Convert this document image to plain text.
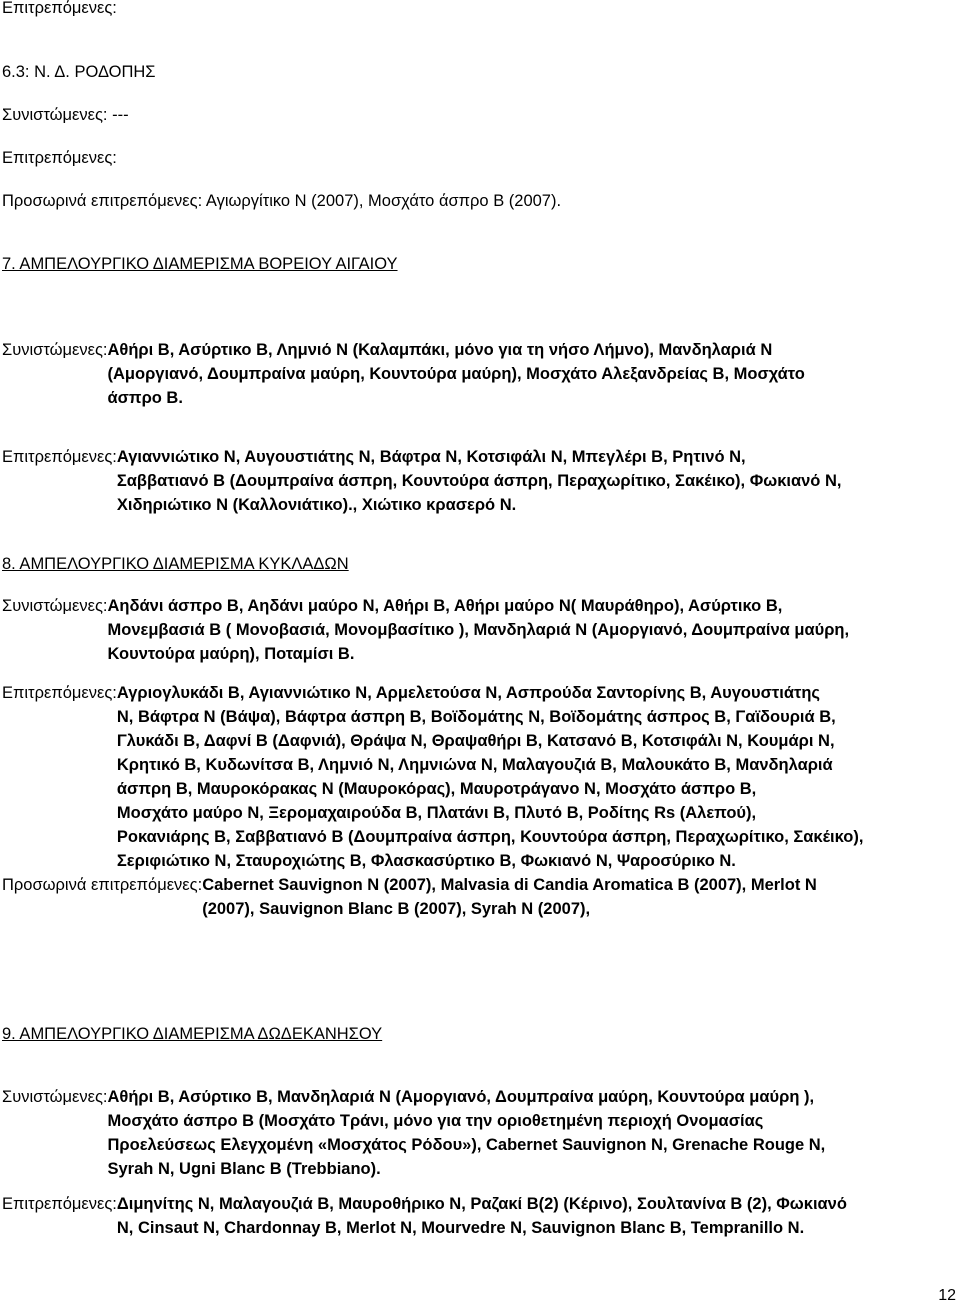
Επιτρεπόμενες:
6.3: Ν. Δ. ΡΟΔΟΠΗΣ
Συνιστώμενες: ---
Επιτρεπόμενες:
Προσωρινά επιτρεπόμενες: Αγιωργίτικο Ν (2007), Μοσχάτο άσπρο Β (2007).
7. ΑΜΠΕΛΟΥΡΓΙΚΟ ΔΙΑΜΕΡΙΣΜΑ ΒΟΡΕΙΟΥ ΑΙΓΑΙΟΥ
Συνιστώμενες: Αθήρι Β, Ασύρτικο Β, Λημνιό Ν (Καλαμπάκι, μόνο για τη νήσο Λήμνο), Μανδηλαριά Ν
(Αμοργιανό, Δουμπραίνα μαύρη, Κουντούρα μαύρη), Μοσχάτο Αλεξανδρείας Β, Μοσχάτο
άσπρο Β.
Επιτρεπόμενες: Αγιαννιώτικο Ν, Αυγουστιάτης Ν, Βάφτρα Ν, Κοτσιφάλι Ν, Μπεγλέρι Β, Ρητινό Ν,
Σαββατιανό Β (Δουμπραίνα άσπρη, Κουντούρα άσπρη, Περαχωρίτικο, Σακέικο), Φωκιανό Ν,
Χιδηριώτικο Ν (Καλλονιάτικο)., Χιώτικο κρασερό Ν.
8. ΑΜΠΕΛΟΥΡΓΙΚΟ ΔΙΑΜΕΡΙΣΜΑ ΚΥΚΛΑΔΩΝ
Συνιστώμενες: Αηδάνι άσπρο Β, Αηδάνι μαύρο Ν, Αθήρι Β, Αθήρι μαύρο Ν( Μαυράθηρο), Ασύρτικο Β,
Μονεμβασιά Β ( Μονοβασιά, Μονομβασίτικο ), Μανδηλαριά Ν (Αμοργιανό, Δουμπραίνα μαύρη,
Κουντούρα μαύρη), Ποταμίσι Β.
Επιτρεπόμενες: Αγριογλυκάδι Β, Αγιαννιώτικο Ν, Αρμελετούσα Ν, Ασπρούδα Σαντορίνης Β, Αυγουστιάτης
Ν, Βάφτρα Ν (Βάψα), Βάφτρα άσπρη Β, Βοϊδομάτης Ν, Βοϊδομάτης άσπρος Β, Γαϊδουριά Β,
Γλυκάδι Β, Δαφνί Β (Δαφνιά), Θράψα Ν, Θραψαθήρι Β, Κατσανό Β, Κοτσιφάλι Ν, Κουμάρι Ν,
Κρητικό Β, Κυδωνίτσα Β, Λημνιό Ν, Λημνιώνα Ν, Μαλαγουζιά Β, Μαλουκάτο Β, Μανδηλαριά
άσπρη Β, Μαυροκόρακας Ν (Μαυροκόρας), Μαυροτράγανο Ν, Μοσχάτο άσπρο Β,
Μοσχάτο μαύρο Ν, Ξερομαχαιρούδα Β, Πλατάνι Β, Πλυτό Β, Ροδίτης Rs (Αλεπού),
Ροκανιάρης Β, Σαββατιανό Β (Δουμπραίνα άσπρη, Κουντούρα άσπρη, Περαχωρίτικο, Σακέικο),
Σεριφιώτικο Ν, Σταυροχιώτης Β, Φλασκασύρτικο Β, Φωκιανό Ν, Ψαροσύρικο Ν.
Προσωρινά επιτρεπόμενες: Cabernet Sauvignon Ν (2007), Malvasia di Candia Aromatica Β (2007), Merlot Ν
(2007), Sauvignon Blanc Β (2007), Syrah Ν (2007),
9. ΑΜΠΕΛΟΥΡΓΙΚΟ ΔΙΑΜΕΡΙΣΜΑ ΔΩΔΕΚΑΝΗΣΟΥ
Συνιστώμενες: Αθήρι Β, Ασύρτικο Β, Μανδηλαριά Ν (Αμοργιανό, Δουμπραίνα μαύρη, Κουντούρα μαύρη ),
Μοσχάτο άσπρο Β (Μοσχάτο Τράνι, μόνο για την οριοθετημένη περιοχή Ονομασίας
Προελεύσεως Ελεγχομένη «Μοσχάτος Ρόδου»), Cabernet Sauvignon Ν, Grenache Rouge Ν,
Syrah Ν, Ugni Blanc Β (Trebbiano).
Επιτρεπόμενες: Διμηνίτης Ν, Μαλαγουζιά Β, Μαυροθήρικο Ν, Ραζακί Β(2) (Κέρινο), Σουλτανίνα Β (2), Φωκιανό
Ν, Cinsaut Ν, Chardonnay Β, Merlot Ν, Mourvedre Ν, Sauvignon Blanc Β, Tempranillo Ν.
12
